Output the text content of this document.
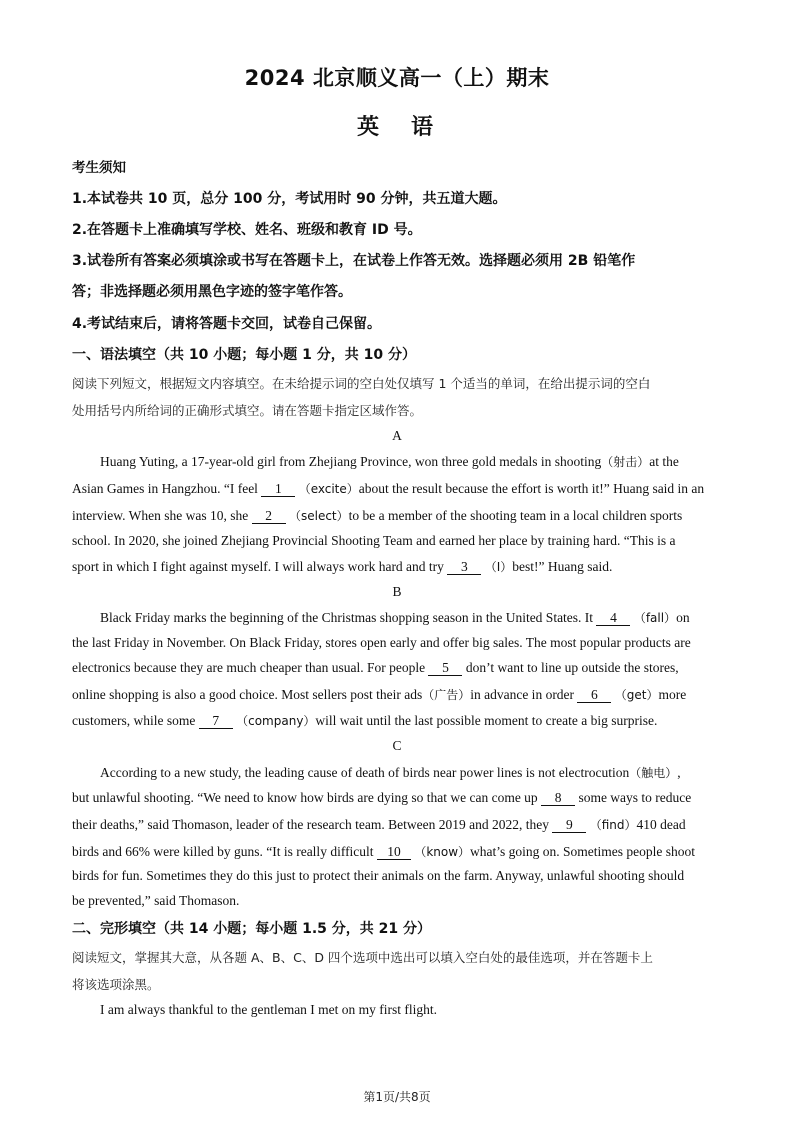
2024 北京顺义高一（上）期末
英语
考生须知
1.本试卷共 10 页，总分 100 分，考试用时 90 分钟，共五道大题。
2.在答题卡上准确填写学校、姓名、班级和教育 ID 号。
3.试卷所有答案必须填涂或书写在答题卡上，在试卷上作答无效。选择题必须用 2B 铅笔作
答；非选择题必须用黑色字迹的签字笔作答。
4.考试结束后，请将答题卡交回，试卷自己保留。
一、语法填空（共 10 小题；每小题 1 分，共 10 分）
阅读下列短文，根据短文内容填空。在未给提示词的空白处仅填写 1 个适当的单词，在给出提示词的空白
处用括号内所给词的正确形式填空。请在答题卡指定区域作答。
A
Huang Yuting, a 17-year-old girl from Zhejiang Province, won three gold medals in shooting（射击）at the
Asian Games in Hangzhou. “I feel 1 （excite）about the result because the effort is worth it!” Huang said in an
interview. When she was 10, she 2 （select）to be a member of the shooting team in a local children sports
school. In 2020, she joined Zhejiang Provincial Shooting Team and earned her place by training hard. “This is a
sport in which I fight against myself. I will always work hard and try 3 （I）best!” Huang said.
B
Black Friday marks the beginning of the Christmas shopping season in the United States. It 4 （fall）on
the last Friday in November. On Black Friday, stores open early and offer big sales. The most popular products are
electronics because they are much cheaper than usual. For people 5 don’t want to line up outside the stores,
online shopping is also a good choice. Most sellers post their ads（广告）in advance in order 6 （get）more
customers, while some 7 （company）will wait until the last possible moment to create a big surprise.
C
According to a new study, the leading cause of death of birds near power lines is not electrocution（触电）,
but unlawful shooting. “We need to know how birds are dying so that we can come up 8 some ways to reduce
their deaths,” said Thomason, leader of the research team. Between 2019 and 2022, they 9 （find）410 dead
birds and 66% were killed by guns. “It is really difficult 10 （know）what’s going on. Sometimes people shoot
birds for fun. Sometimes they do this just to protect their animals on the farm. Anyway, unlawful shooting should
be prevented,” said Thomason.
二、完形填空（共 14 小题；每小题 1.5 分，共 21 分）
阅读短文，掌握其大意，从各题 A、B、C、D 四个选项中选出可以填入空白处的最佳选项，并在答题卡上
将该选项涂黑。
I am always thankful to the gentleman I met on my first flight.
第1页/共8页
